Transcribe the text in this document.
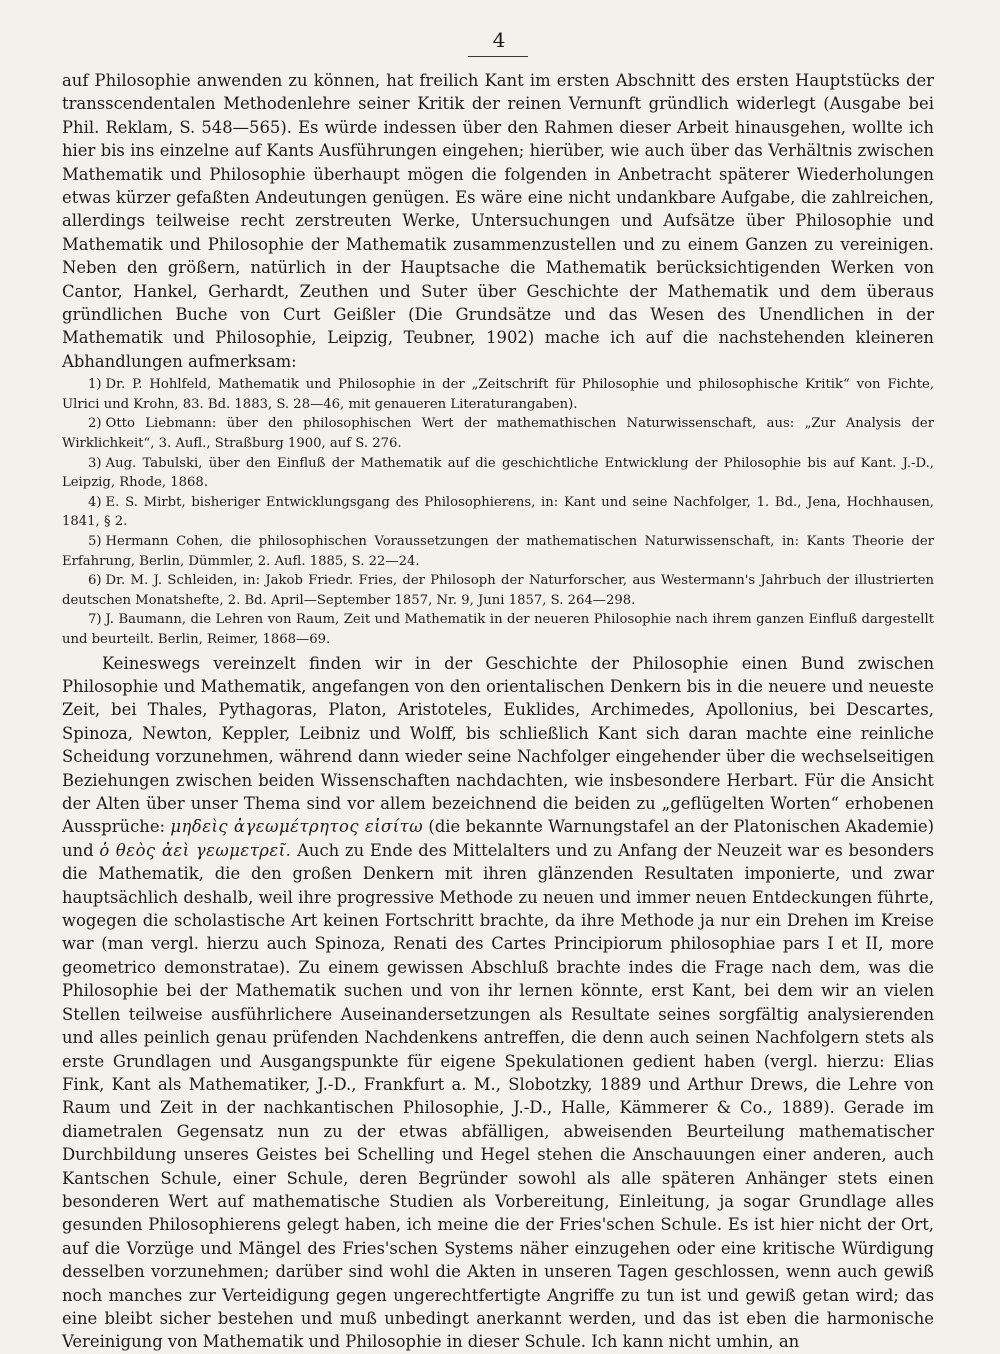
4

auf Philosophie anwenden zu können, hat freilich Kant im ersten Abschnitt des ersten Hauptstücks der transscendentalen Methodenlehre seiner Kritik der reinen Vernunft gründlich widerlegt (Ausgabe bei Phil. Reklam, S. 548—565). Es würde indessen über den Rahmen dieser Arbeit hinausgehen, wollte ich hier bis ins einzelne auf Kants Ausführungen eingehen; hierüber, wie auch über das Verhältnis zwischen Mathematik und Philosophie überhaupt mögen die folgenden in Anbetracht späterer Wiederholungen etwas kürzer gefaßten Andeutungen genügen. Es wäre eine nicht undankbare Aufgabe, die zahlreichen, allerdings teilweise recht zerstreuten Werke, Untersuchungen und Aufsätze über Philosophie und Mathematik und Philosophie der Mathematik zusammenzustellen und zu einem Ganzen zu vereinigen. Neben den größern, natürlich in der Hauptsache die Mathematik berücksichtigenden Werken von Cantor, Hankel, Gerhardt, Zeuthen und Suter über Geschichte der Mathematik und dem überaus gründlichen Buche von Curt Geißler (Die Grundsätze und das Wesen des Unendlichen in der Mathematik und Philosophie, Leipzig, Teubner, 1902) mache ich auf die nachstehenden kleineren Abhandlungen aufmerksam:

1) Dr. P. Hohlfeld, Mathematik und Philosophie in der „Zeitschrift für Philosophie und philosophische Kritik“ von Fichte, Ulrici und Krohn, 83. Bd. 1883, S. 28—46, mit genaueren Literaturangaben).
2) Otto Liebmann: über den philosophischen Wert der mathemathischen Naturwissenschaft, aus: „Zur Analysis der Wirklichkeit“, 3. Aufl., Straßburg 1900, auf S. 276.
3) Aug. Tabulski, über den Einfluß der Mathematik auf die geschichtliche Entwicklung der Philosophie bis auf Kant. J.-D., Leipzig, Rhode, 1868.
4) E. S. Mirbt, bisheriger Entwicklungsgang des Philosophierens, in: Kant und seine Nachfolger, 1. Bd., Jena, Hochhausen, 1841, § 2.
5) Hermann Cohen, die philosophischen Voraussetzungen der mathematischen Naturwissenschaft, in: Kants Theorie der Erfahrung, Berlin, Dümmler, 2. Aufl. 1885, S. 22—24.
6) Dr. M. J. Schleiden, in: Jakob Friedr. Fries, der Philosoph der Naturforscher, aus Westermann's Jahrbuch der illustrierten deutschen Monatshefte, 2. Bd. April—September 1857, Nr. 9, Juni 1857, S. 264—298.
7) J. Baumann, die Lehren von Raum, Zeit und Mathematik in der neueren Philosophie nach ihrem ganzen Einfluß dargestellt und beurteilt. Berlin, Reimer, 1868—69.

Keineswegs vereinzelt finden wir in der Geschichte der Philosophie einen Bund zwischen Philosophie und Mathematik, angefangen von den orientalischen Denkern bis in die neuere und neueste Zeit, bei Thales, Pythagoras, Platon, Aristoteles, Euklides, Archimedes, Apollonius, bei Descartes, Spinoza, Newton, Keppler, Leibniz und Wolff, bis schließlich Kant sich daran machte eine reinliche Scheidung vorzunehmen, während dann wieder seine Nachfolger eingehender über die wechselseitigen Beziehungen zwischen beiden Wissenschaften nachdachten, wie insbesondere Herbart. Für die Ansicht der Alten über unser Thema sind vor allem bezeichnend die beiden zu „geflügelten Worten“ erhobenen Aussprüche: μηδεὶς ἀγεωμέτρητος εἰσίτω (die bekannte Warnungstafel an der Platonischen Akademie) und ὁ θεὸς ἀεὶ γεωμετρεῖ. Auch zu Ende des Mittelalters und zu Anfang der Neuzeit war es besonders die Mathematik, die den großen Denkern mit ihren glänzenden Resultaten imponierte, und zwar hauptsächlich deshalb, weil ihre progressive Methode zu neuen und immer neuen Entdeckungen führte, wogegen die scholastische Art keinen Fortschritt brachte, da ihre Methode ja nur ein Drehen im Kreise war (man vergl. hierzu auch Spinoza, Renati des Cartes Principiorum philosophiae pars I et II, more geometrico demonstratae). Zu einem gewissen Abschluß brachte indes die Frage nach dem, was die Philosophie bei der Mathematik suchen und von ihr lernen könnte, erst Kant, bei dem wir an vielen Stellen teilweise ausführlichere Auseinandersetzungen als Resultate seines sorgfältig analysierenden und alles peinlich genau prüfenden Nachdenkens antreffen, die denn auch seinen Nachfolgern stets als erste Grundlagen und Ausgangspunkte für eigene Spekulationen gedient haben (vergl. hierzu: Elias Fink, Kant als Mathematiker, J.-D., Frankfurt a. M., Slobotzky, 1889 und Arthur Drews, die Lehre von Raum und Zeit in der nachkantischen Philosophie, J.-D., Halle, Kämmerer & Co., 1889). Gerade im diametralen Gegensatz nun zu der etwas abfälligen, abweisenden Beurteilung mathematischer Durchbildung unseres Geistes bei Schelling und Hegel stehen die Anschauungen einer anderen, auch Kantschen Schule, einer Schule, deren Begründer sowohl als alle späteren Anhänger stets einen besonderen Wert auf mathematische Studien als Vorbereitung, Einleitung, ja sogar Grundlage alles gesunden Philosophierens gelegt haben, ich meine die der Fries'schen Schule. Es ist hier nicht der Ort, auf die Vorzüge und Mängel des Fries'schen Systems näher einzugehen oder eine kritische Würdigung desselben vorzunehmen; darüber sind wohl die Akten in unseren Tagen geschlossen, wenn auch gewiß noch manches zur Verteidigung gegen ungerechtfertigte Angriffe zu tun ist und gewiß getan wird; das eine bleibt sicher bestehen und muß unbedingt anerkannt werden, und das ist eben die harmonische Vereinigung von Mathematik und Philosophie in dieser Schule. Ich kann nicht umhin, an
